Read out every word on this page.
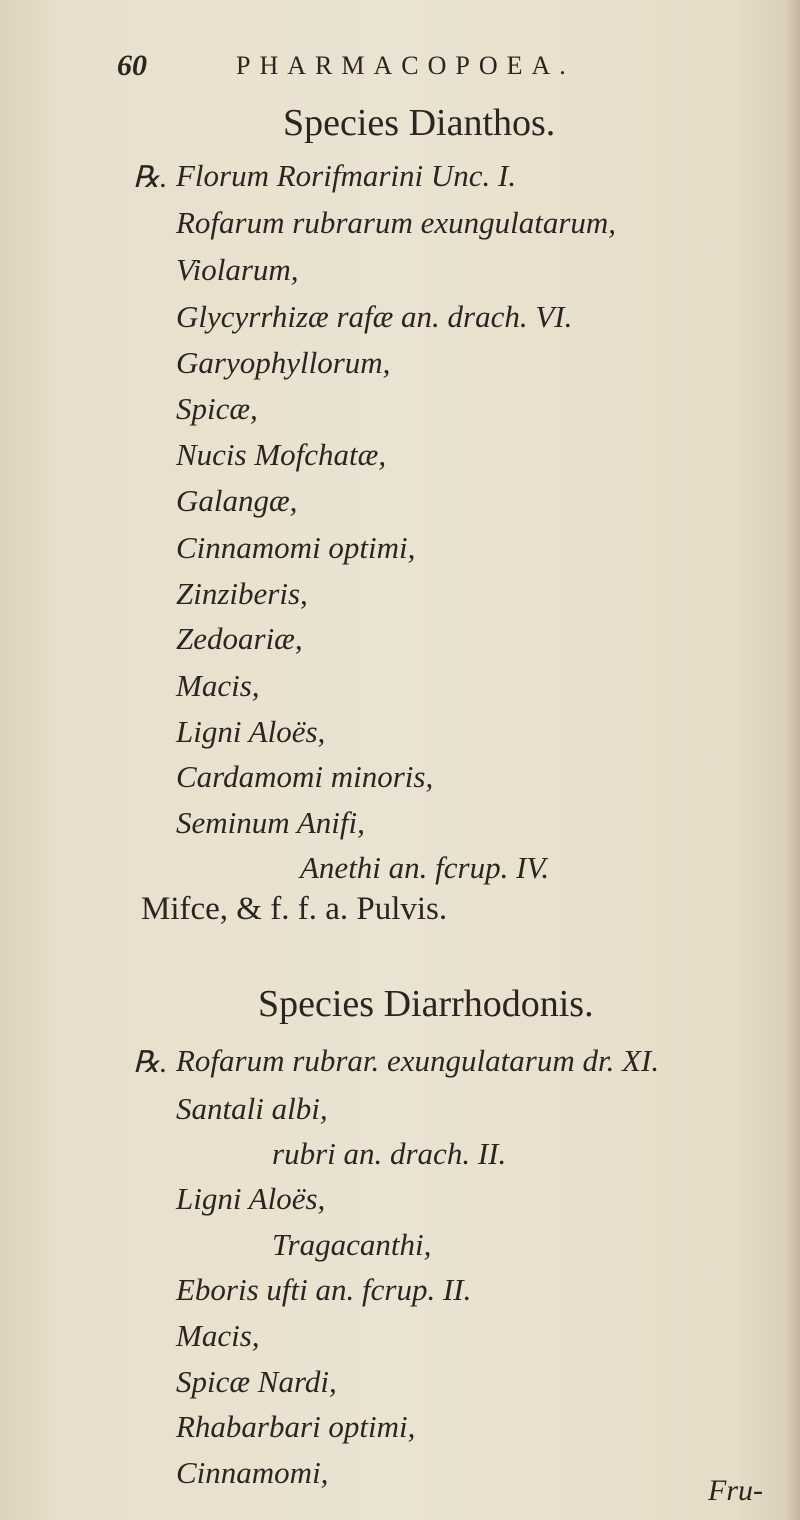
60	PHARMACOPOEA.
Species Dianthos.
℞. Florum Rorifmarini Unc. I.
Rofarum rubrarum exungulatarum,
Violarum,
Glycyrrhizæ rafæ an. drach. VI.
Garyophyllorum,
Spicæ,
Nucis Mofchatæ,
Galangæ,
Cinnamomi optimi,
Zinziberis,
Zedoariæ,
Macis,
Ligni Aloës,
Cardamomi minoris,
Seminum Anifi,
Anethi an. fcrup. IV.
Mifce, & f. f. a. Pulvis.
Species Diarrhodonis.
℞. Rofarum rubrar. exungulatarum dr. XI.
Santali albi,
rubri an. drach. II.
Ligni Aloës,
Tragacanthi,
Eboris ufti an. fcrup. II.
Macis,
Spicæ Nardi,
Rhabarbari optimi,
Cinnamomi,
Fru-
